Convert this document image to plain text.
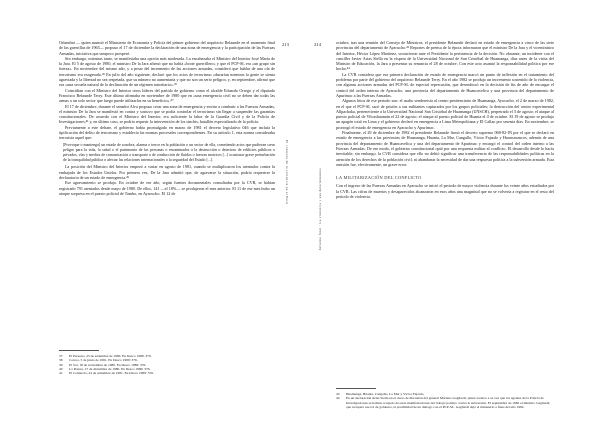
Orlandini — quien asumió el Ministerio de Economía y Policía del primer gobierno del arquitecto Belaunde en el momento final de las guerrillas de 1965— propuso el 17 de diciembre la declaración de una zona de emergencia y la participación de las Fuerzas Armadas, iniciativa que tampoco prosperó.

Sin embargo, mientras tanto, se manifestaba una opción más moderada. La encabezaba el Ministro del Interior José María de la Jara. El 5 de agosto de 1980, el ministro De la Jara afirmó que no había «brote guerrillero» y que el PCP-SL era «un grupo sin fuerza». En noviembre del mismo año, y a pesar del incremento de las acciones armadas, consideró que hablar de una ola de terrorismo era exagerado.³⁸ En julio del año siguiente, declaró que los actos de terrorismo «durarían mientras la gente se sienta agraviada y la libertad no sea respetada, que su número no aumentaría y que no son un serio peligro» y, en septiembre, afirmó que era «una secuela natural de la declinación de un régimen autoritario».³⁹

Coincidían con el Ministro del Interior otros líderes del partido de gobierno como el alcalde Eduardo Orrego y el diputado Francisco Belaunde Terry. Este último afirmaba en noviembre de 1980 que en «una emergencia civil no se deben dar todas las armas a un solo sector que luego puede utilizarlas en su beneficio».⁴⁰

El 17 de diciembre, durante el senador Alva propuso crear una zona de emergencia y enviar a combatir a las Fuerzas Armadas, el ministro De la Jara se manifestó en contra y sostuvo que se podía controlar el terrorismo sin llegar a suspender las garantías constitucionales. De acuerdo con el Ministro del Interior, era suficiente la labor de la Guardia Civil y de la Policía de Investigaciones,⁴¹ y, en último caso, se podría requerir la intervención de los sinchis, batallón especializado de la policía.

Previamente a este debate, el gobierno había promulgado en marzo de 1981 el decreto legislativo 046 que incluía la tipificación del delito de terrorismo y establecía las normas procesales correspondientes. En su artículo 1, esta norma consideraba terrorista aquel que:

[Provoque o mantenga] un estado de zozobra, alarma o terror en la población o un sector de ella, cometiendo actos que pudieran crear peligro para la vida, la salud o el patrimonio de las personas o encaminados a la destrucción o deterioro de edificios públicos o privados, vías y medios de comunicación o transporte o de conducción de fluidos o fuerzas motrices [...] ocasionar grave perturbación de la tranquilidad pública o afectar las relaciones internacionales o la seguridad del Estado [...].

La posición del Ministro del Interior empezó a variar en agosto de 1981, cuando se multiplicaron los atentados contra la embajada de los Estados Unidos. Por primera vez, De la Jara admitió que, de agravarse la situación, podría requerirse la declaratoria de un estado de emergencia.²⁸

Ese agravamiento se produjo. En octubre de ese año, según fuentes documentales consultadas por la CVR, se habían registrado 791 atentados desde mayo de 1980. De ellos, 141 —el 18%— se produjeron el mes anterior. El 11 de ese mes hubo un ataque sorpresa en el puesto policial de Tambo, en Ayacucho. El 12 de

37	El Peruano, 25 de setiembre de 1980. En Desco 1989: 370.
38	Correo, 5 de junio de 1981. En Desco 1989: 376.
39	El Sol, 18 de noviembre de 1980. En Desco 1989: 376.
40	La Prensa, 17 de diciembre de 1980. En Desco 1989: 376.
41	El Comercio, 24 de setiembre de 1981. En Desco 1989: 376.
213
El contexto de la violencia en el Perú

octubre, tras una reunión del Consejo de Ministros, el presidente Belaunde declaró en estado de emergencia a cinco de las siete provincias del departamento de Ayacucho.⁴³ Reportes de prensa de la época informaron que el ministro De la Jara y el viceministro del Interior, Héctor López Martínez, sostuvieron ante el Presidente la pertinencia de la decisión. No obstante, un incidente con el canciller Javier Arias Stella en la víspera de la Universidad Nacional de San Cristóbal de Huamanga, días antes de la visita del Ministro de Educación, la Jara a presentar su renuncia el 28 de octubre. Con este acto asumió la responsabilidad política por ese hecho.⁴⁴

La CVR considera que esa primera declaración de estado de emergencia marcó un punto de inflexión en el tratamiento del problema por parte del gobierno del arquitecto Belaunde Terry. En el año 1982 se produjo un incremento sostenido de la violencia, con algunas acciones armadas del PCP-SL de especial repercusión, que desembocó en la decisión de fin de año de encargar el control del orden interno de Ayacucho, una provincia del departamento de Huancavelica y una provincia del departamento de Apurímac a las Fuerzas Armadas.

Algunos hitos de ese periodo son: el asalto sendereista al centro penitenciario de Huamanga, Ayacucho, el 2 de marzo de 1982, en el que el PCP-SL sacó de prisión a sus militantes capturados por los grupos policiales; la destrucción del centro experimental Allpachaka, perteneciente a la Universidad Nacional San Cristóbal de Huamanga (UNSCH), perpetrado el 3 de agosto; el ataque al puesto policial de Vilcashuamán el 22 de agosto; el ataque al puesto policial de Huanta el 4 de octubre. El 19 de agosto se produjo un apagón total en Lima y el gobierno declaró en emergencia a Lima Metropolitana y El Callao por sesenta días. En noviembre, se prorrogó el estado de emergencia en Ayacucho y Apurímac.

Finalmente, el 29 de diciembre de 1982 el presidente Belaunde firmó el decreto supremo 068-82-IN por el que se declaró en estado de emergencia a las provincias de Huamanga, Huanta, La Mar, Cangallo, Víctor Fajardo y Huancasancos, además de una provincia del departamento de Huancavelica y una del departamento de Apurímac y encargó el control del orden interno a las Fuerzas Armadas. De ese modo, el gobierno constitucional optó por una respuesta militar al conflicto. El desarrollo desde lo hacía inevitable; sin embargo, la CVR considera que ello no debió significar una transferencia de las responsabilidades políticas en la atención de los derechos de la población civil, ni abandonar la necesidad de dar una respuesta política a la subversión armada. Esta omisión fue, efectivamente, un grave error.

LA MILITARIZACIÓN DEL CONFLICTO

Con el ingreso de las Fuerzas Armadas en Ayacucho se inició el periodo de mayor violencia durante los veinte años estudiados por la CVR. Las cifras de muertos y desaparecidos alcanzaron en esos años una magnitud que no se volvería a registrar en el resto del periodo de violencia.

43	Huamanga, Huanta, Cangallo, La Mar y Víctor Fajardo.
44	En un declaración Arias Stella en el curso de discusión del general Mariano Gagliardi, quien sostuvo a su vez que los agentes de la Policía de Investigaciones se habían ocupado de estas manifestaciones del trabajo político contra la subversión. El septiembre de 1982 el ministro Gagliardi, que recuperó ese rol de gobierno, la posibilidad de un diálogo con el PCP-SL. Gagliardi dejó el ministerio a fines del año 1982.
214
Informe final · La violencia y sus determinantes
